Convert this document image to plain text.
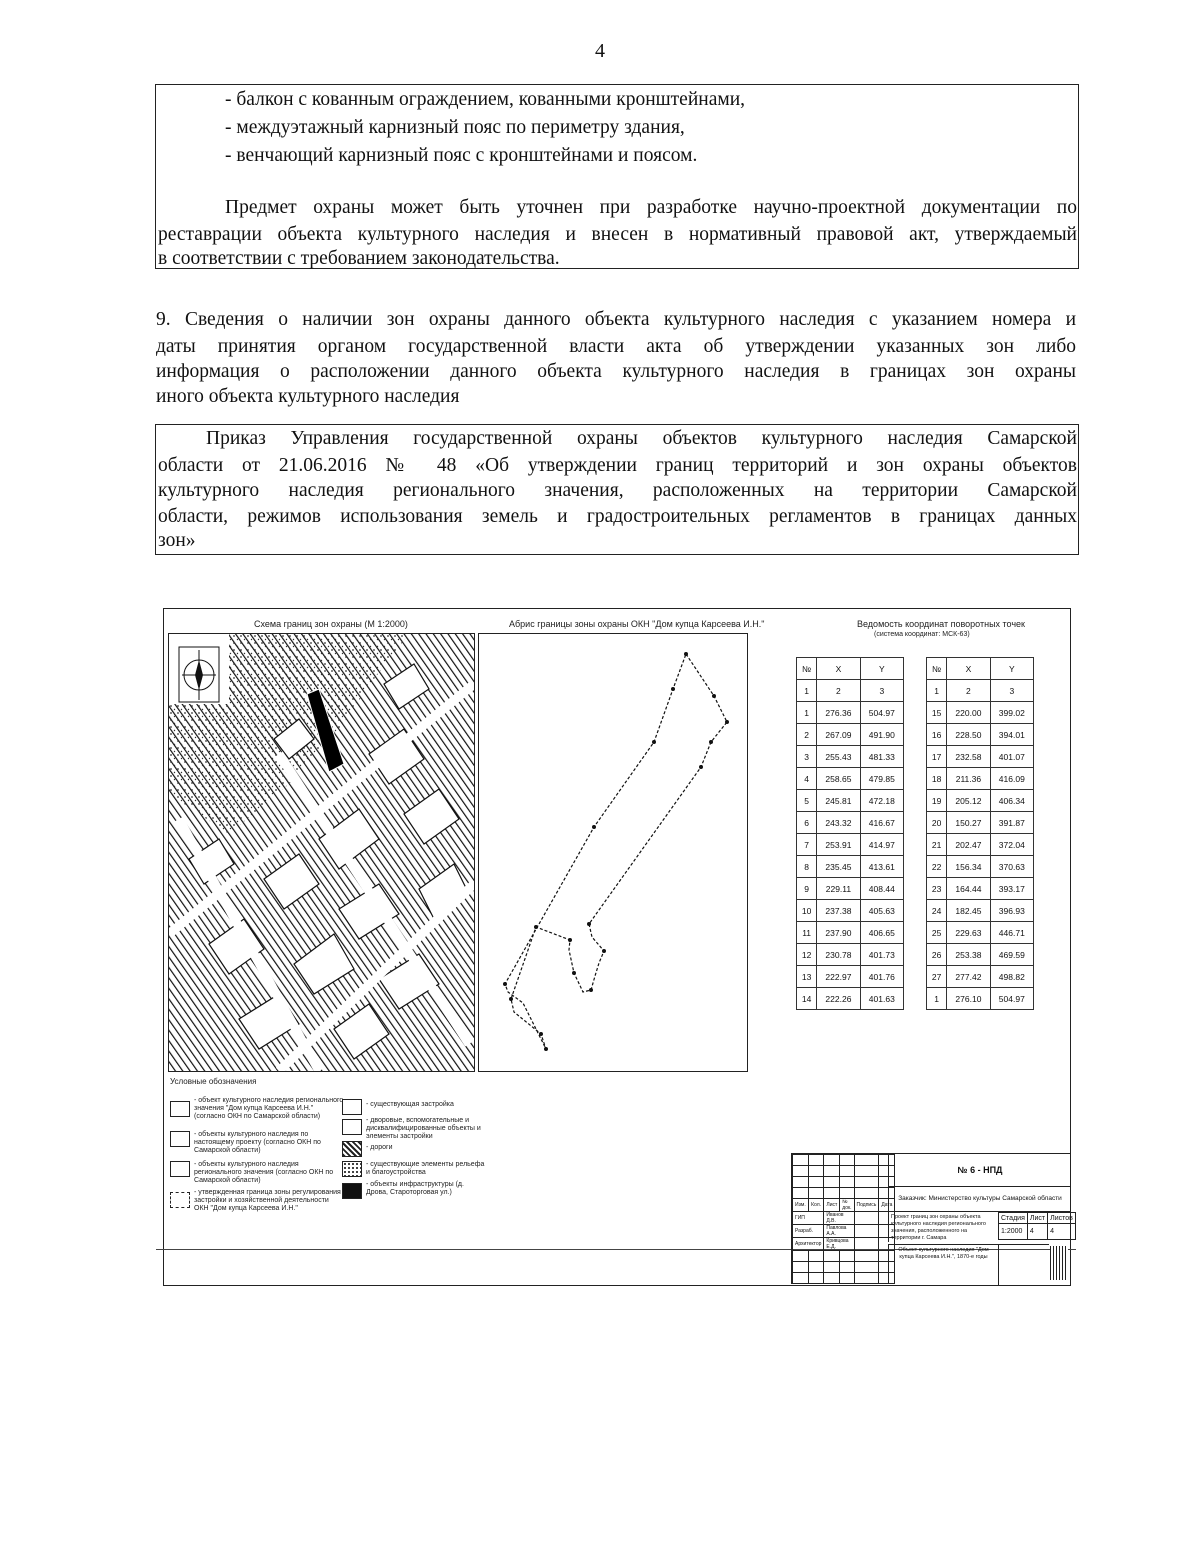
4
- балкон с кованным ограждением, кованными кронштейнами,
- междуэтажный карнизный пояс по периметру здания,
- венчающий карнизный пояс с кронштейнами и поясом.
Предмет охраны может быть уточнен при разработке научно-проектной документации по
реставрации объекта культурного наследия и внесен в нормативный правовой акт, утверждаемый
в соответствии с требованием законодательства.
9. Сведения о наличии зон охраны данного объекта культурного наследия с указанием номера и
даты принятия органом государственной власти акта об утверждении указанных зон либо
информация о расположении данного объекта культурного наследия в границах зон охраны
иного объекта культурного наследия
Приказ Управления государственной охраны объектов культурного наследия Самарской
области от 21.06.2016 № 48 «Об утверждении границ территорий и зон охраны объектов
культурного наследия регионального значения, расположенных на территории Самарской
области, режимов использования земель и градостроительных регламентов в границах данных
зон»
Схема границ зон охраны (М 1:2000)	Абрис границы зоны охраны ОКН "Дом купца Карсеева И.Н."	Ведомость координат поворотных точек
(система координат: МСК-63)
№	X	Y
1	2	3
1	276.36	504.97
2	267.09	491.90
3	255.43	481.33
4	258.65	479.85
5	245.81	472.18
6	243.32	416.67
7	253.91	414.97
8	235.45	413.61
9	229.11	408.44
10	237.38	405.63
11	237.90	406.65
12	230.78	401.73
13	222.97	401.76
14	222.26	401.63
№	X	Y
1	2	3
15	220.00	399.02
16	228.50	394.01
17	232.58	401.07
18	211.36	416.09
19	205.12	406.34
20	150.27	391.87
21	202.47	372.04
22	156.34	370.63
23	164.44	393.17
24	182.45	396.93
25	229.63	446.71
26	253.38	469.59
27	277.42	498.82
1	276.10	504.97
Условные обозначения
- объект культурного наследия регионального значения "Дом купца Карсеева И.Н." (согласно ОКН по Самарской области)
- объекты культурного наследия по настоящему проекту (согласно ОКН по Самарской области)
- объекты культурного наследия регионального значения (согласно ОКН по Самарской области)
- утвержденная граница зоны регулирования застройки и хозяйственной деятельности ОКН "Дом купца Карсеева И.Н."
- существующая застройка
- дворовые, вспомогательные и дисквалифицированные объекты и элементы застройки
- дороги
- существующие элементы рельефа и благоустройства
- объекты инфраструктуры (д. Дрова, Староторговая ул.)
№ 6 - НПД
Заказчик: Министерство культуры Самарской области
Проект границ зон охраны объекта культурного наследия регионального значения, расположенного на территории г. Самара
Объект культурного наследия "Дом купца Карсеева И.Н.", 1870-е годы
Стадия	Лист	Листов
1:2000	4	4

Изм.	Кол.	Лист	№ док.	Подпись	Дата
ГИП		Иванов Д.В.			
Разраб.		Павлова А.А.			
Архитектор		Кривцова Е.Д.			
